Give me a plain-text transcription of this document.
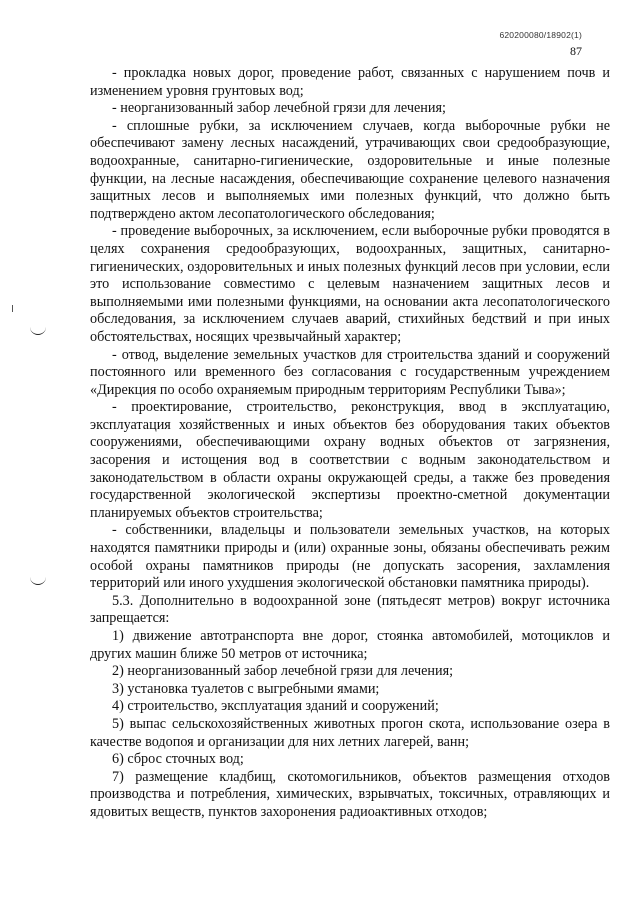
620200080/18902(1)
87

- прокладка новых дорог, проведение работ, связанных с нарушением почв и изменением уровня грунтовых вод;

- неорганизованный забор лечебной грязи для лечения;

- сплошные рубки, за исключением случаев, когда выборочные рубки не обеспечивают замену лесных насаждений, утрачивающих свои средообразующие, водоохранные, санитарно-гигиенические, оздоровительные и иные полезные функции, на лесные насаждения, обеспечивающие сохранение целевого назначения защитных лесов и выполняемых ими полезных функций, что должно быть подтверждено актом лесопатологического обследования;

- проведение выборочных, за исключением, если выборочные рубки проводятся в целях сохранения средообразующих, водоохранных, защитных, санитарно-гигиенических, оздоровительных и иных полезных функций лесов при условии, если это использование совместимо с целевым назначением защитных лесов и выполняемыми ими полезными функциями, на основании акта лесопатологического обследования, за исключением случаев аварий, стихийных бедствий и при иных обстоятельствах, носящих чрезвычайный характер;

- отвод, выделение земельных участков для строительства зданий и сооружений постоянного или временного без согласования с государственным учреждением «Дирекция по особо охраняемым природным территориям Республики Тыва»;

- проектирование, строительство, реконструкция, ввод в эксплуатацию, эксплуатация хозяйственных и иных объектов без оборудования таких объектов сооружениями, обеспечивающими охрану водных объектов от загрязнения, засорения и истощения вод в соответствии с водным законодательством и законодательством в области охраны окружающей среды, а также без проведения государственной экологической экспертизы проектно-сметной документации планируемых объектов строительства;

- собственники, владельцы и пользователи земельных участков, на которых находятся памятники природы и (или) охранные зоны, обязаны обеспечивать режим особой охраны памятников природы (не допускать засорения, захламления территорий или иного ухудшения экологической обстановки памятника природы).

5.3. Дополнительно в водоохранной зоне (пятьдесят метров) вокруг источника запрещается:

1) движение автотранспорта вне дорог, стоянка автомобилей, мотоциклов и других машин ближе 50 метров от источника;

2) неорганизованный забор лечебной грязи для лечения;

3) установка туалетов с выгребными ямами;

4) строительство, эксплуатация зданий и сооружений;

5) выпас сельскохозяйственных животных прогон скота, использование озера в качестве водопоя и организации для них летних лагерей, ванн;

6) сброс сточных вод;

7) размещение кладбищ, скотомогильников, объектов размещения отходов производства и потребления, химических, взрывчатых, токсичных, отравляющих и ядовитых веществ, пунктов захоронения радиоактивных отходов;
